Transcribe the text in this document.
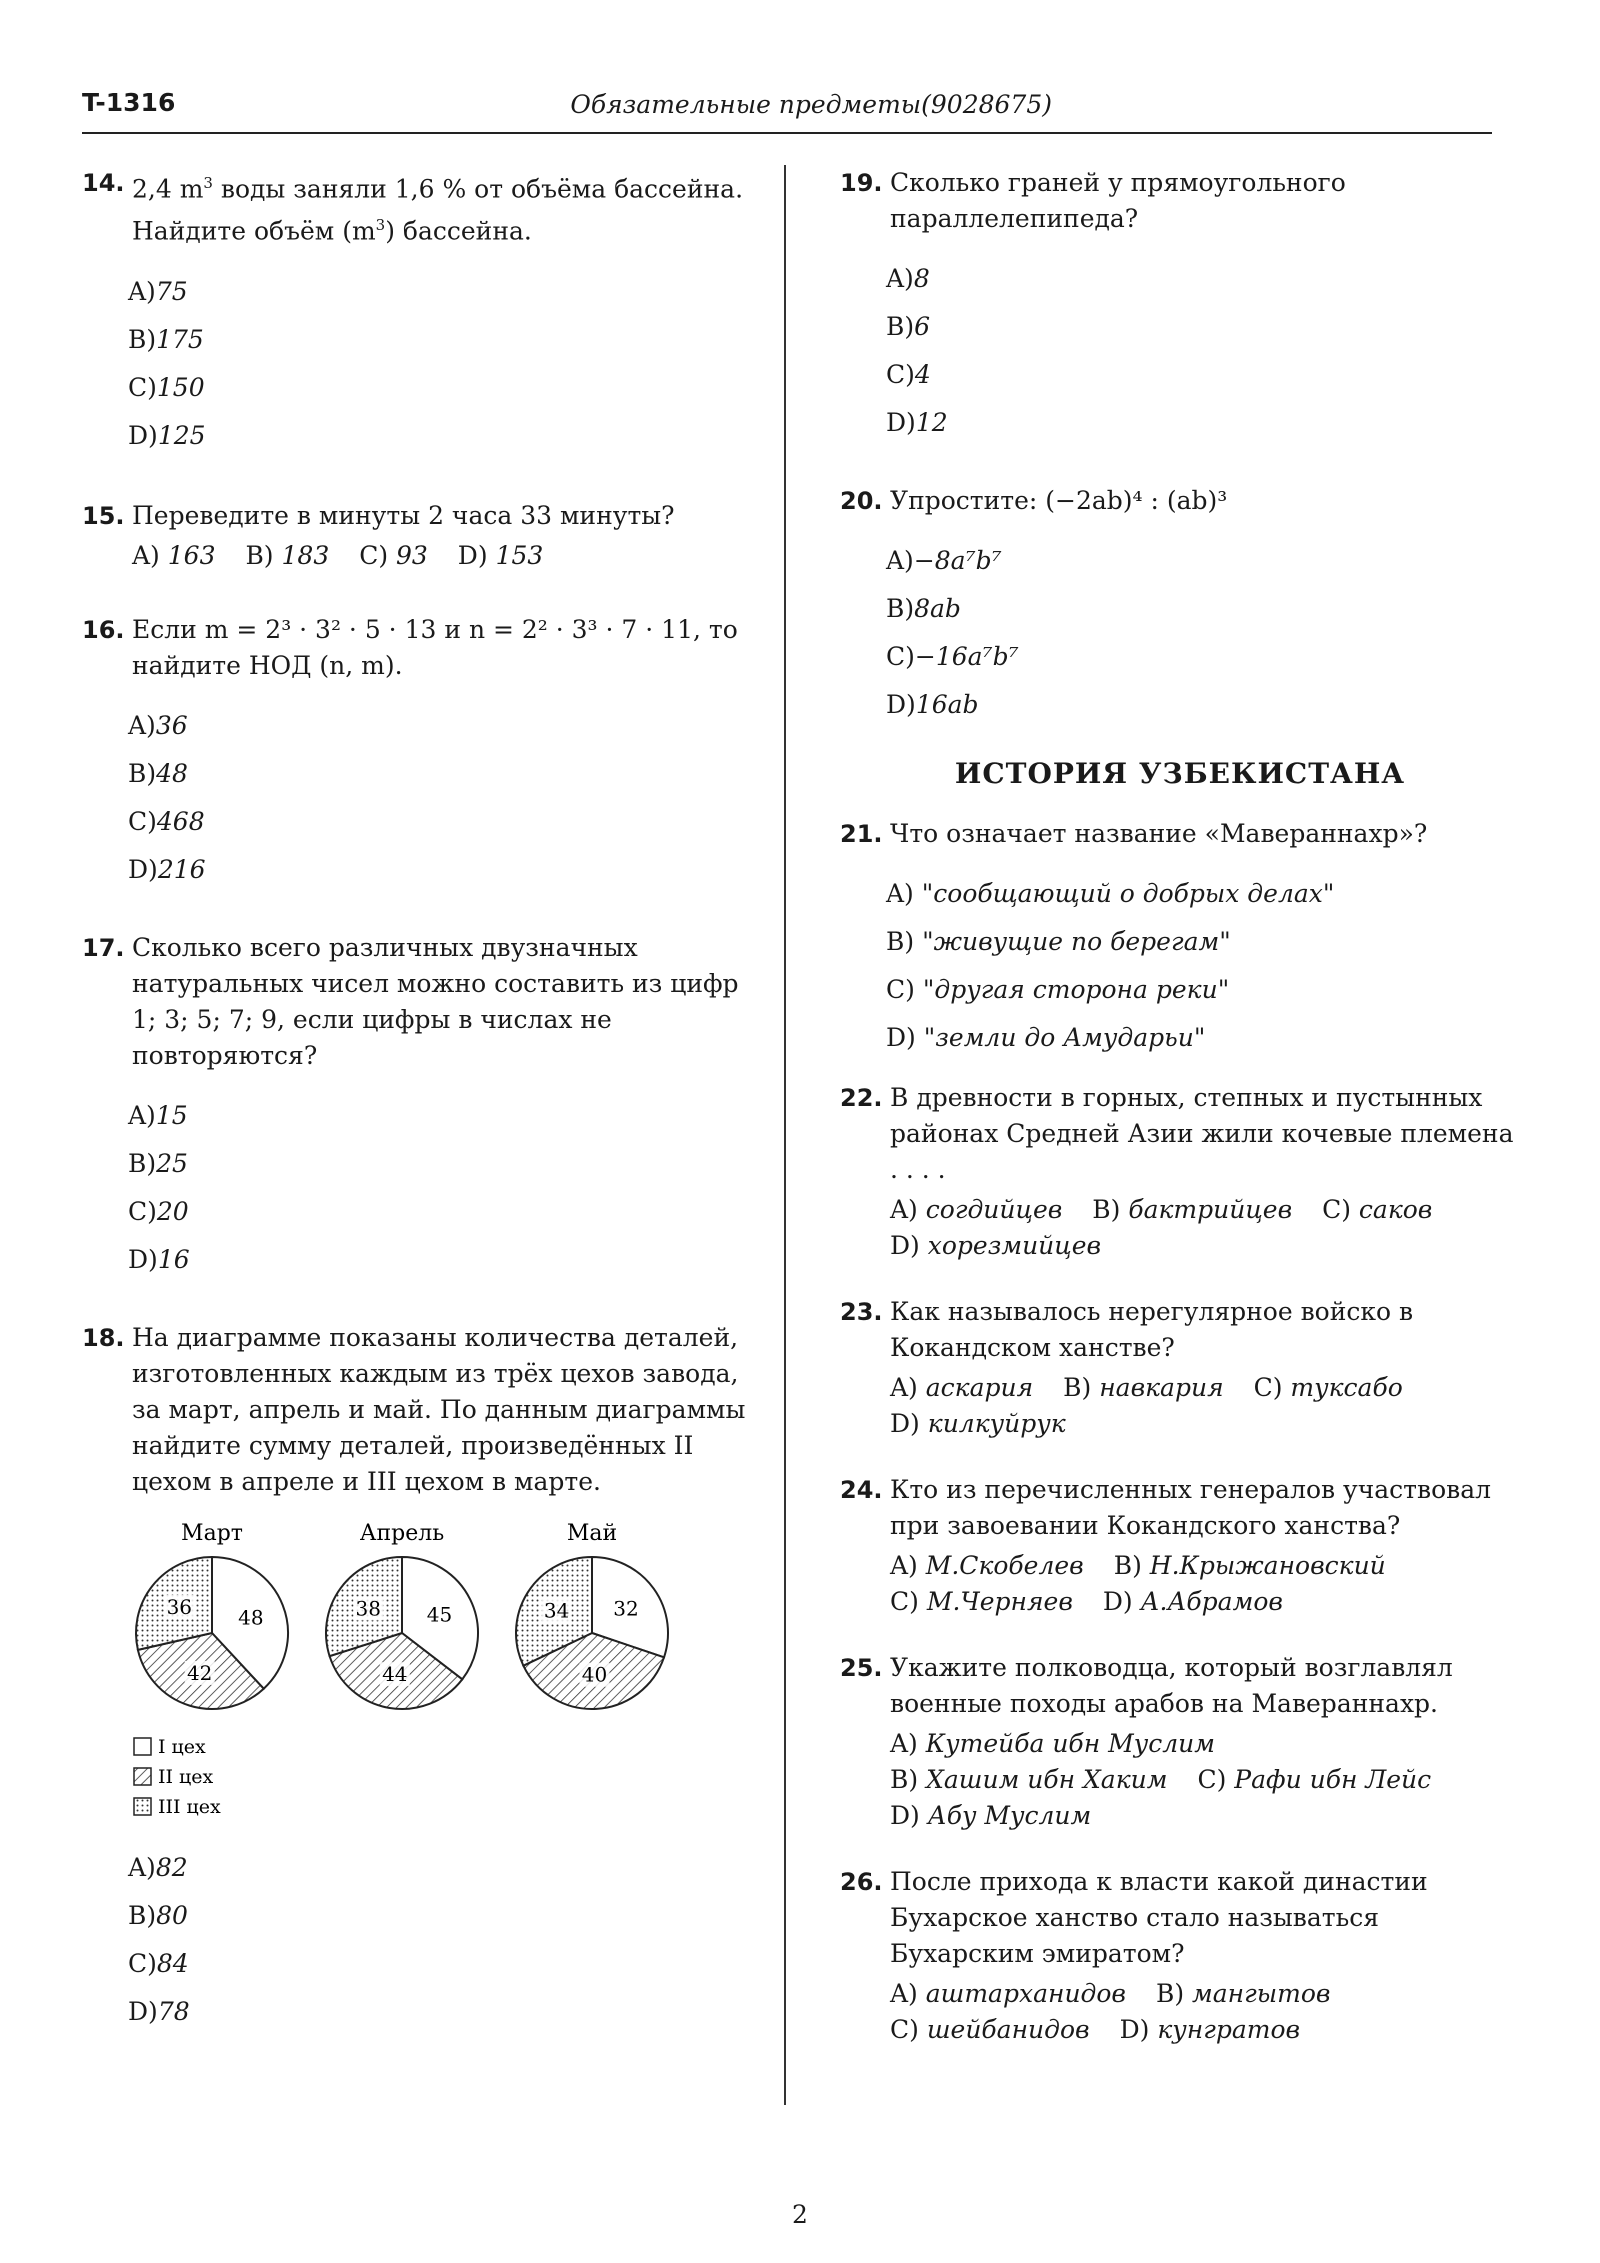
T-1316	Обязательные предметы(9028675)
14. 2,4 $m^3$ воды заняли 1,6 % от объёма бассейна. Найдите объём $(m^3)$ бассейна.
A)75
B)175
C)150
D)125
15. Переведите в минуты 2 часа 33 минуты?
A) 163 B) 183 C) 93 D) 153
16. Если m = 2³ · 3² · 5 · 13 и n = 2² · 3³ · 7 · 11, то найдите НОД (n, m).
A)36
B)48
C)468
D)216
17. Сколько всего различных двузначных натуральных чисел можно составить из цифр 1; 3; 5; 7; 9, если цифры в числах не повторяются?
A)15
B)25
C)20
D)16
18. На диаграмме показаны количества деталей, изготовленных каждым из трёх цехов завода, за март, апрель и май. По данным диаграммы найдите сумму деталей, произведённых II цехом в апреле и III цехом в марте.
Март
48
42
36
Апрель
45
44
38
Май
32
40
34
I цех
II цех
III цех
A)82
B)80
C)84
D)78
19. Сколько граней у прямоугольного параллелепипеда?
A)8
B)6
C)4
D)12
20. Упростите: (−2ab)⁴ : (ab)³
A)−8a⁷b⁷
B)8ab
C)−16a⁷b⁷
D)16ab
ИСТОРИЯ УЗБЕКИСТАНА
21. Что означает название «Мавераннахр»?
A) "сообщающий о добрых делах"
B) "живущие по берегам"
C) "другая сторона реки"
D) "земли до Амударьи"
22. В древности в горных, степных и пустынных районах Средней Азии жили кочевые племена . . . .
A) согдийцев B) бактрийцев C) саков D) хорезмийцев
23. Как называлось нерегулярное войско в Кокандском ханстве?
A) аскария B) навкария C) туксабо D) килкуйрук
24. Кто из перечисленных генералов участвовал при завоевании Кокандского ханства?
A) М.Скобелев B) Н.Крыжановский C) М.Черняев D) А.Абрамов
25. Укажите полководца, который возглавлял военные походы арабов на Мавераннахр.
A) Кутейба ибн Муслим B) Хашим ибн Хаким C) Рафи ибн Лейс D) Абу Муслим
26. После прихода к власти какой династии Бухарское ханство стало называться Бухарским эмиратом?
A) аштарханидов B) мангытов C) шейбанидов D) кунгратов
2
